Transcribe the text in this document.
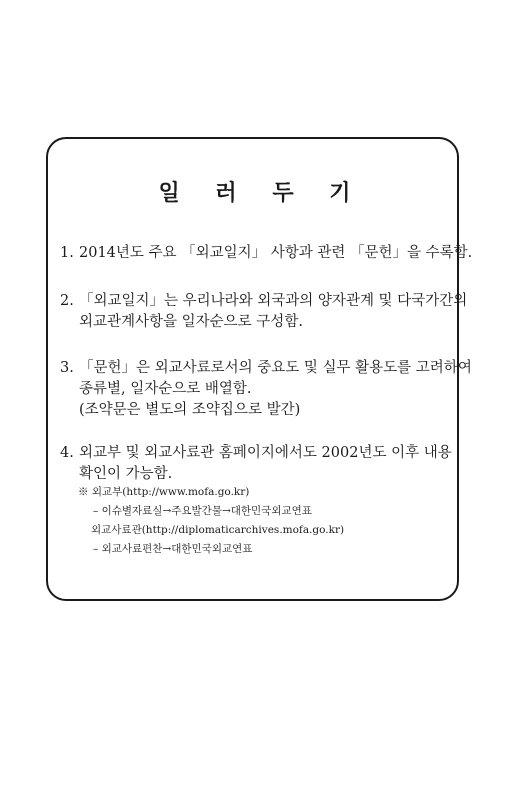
일 러 두 기
1. 2014년도 주요 「외교일지」 사항과 관련 「문헌」을 수록함.
2. 「외교일지」는 우리나라와 외국과의 양자관계 및 다국가간의
외교관계사항을 일자순으로 구성함.
3. 「문헌」은 외교사료로서의 중요도 및 실무 활용도를 고려하여
종류별, 일자순으로 배열함.
(조약문은 별도의 조약집으로 발간)
4. 외교부 및 외교사료관 홈페이지에서도 2002년도 이후 내용
확인이 가능함.
※ 외교부(http://www.mofa.go.kr)
– 이슈별자료실→주요발간물→대한민국외교연표
외교사료관(http://diplomaticarchives.mofa.go.kr)
– 외교사료편찬→대한민국외교연표
